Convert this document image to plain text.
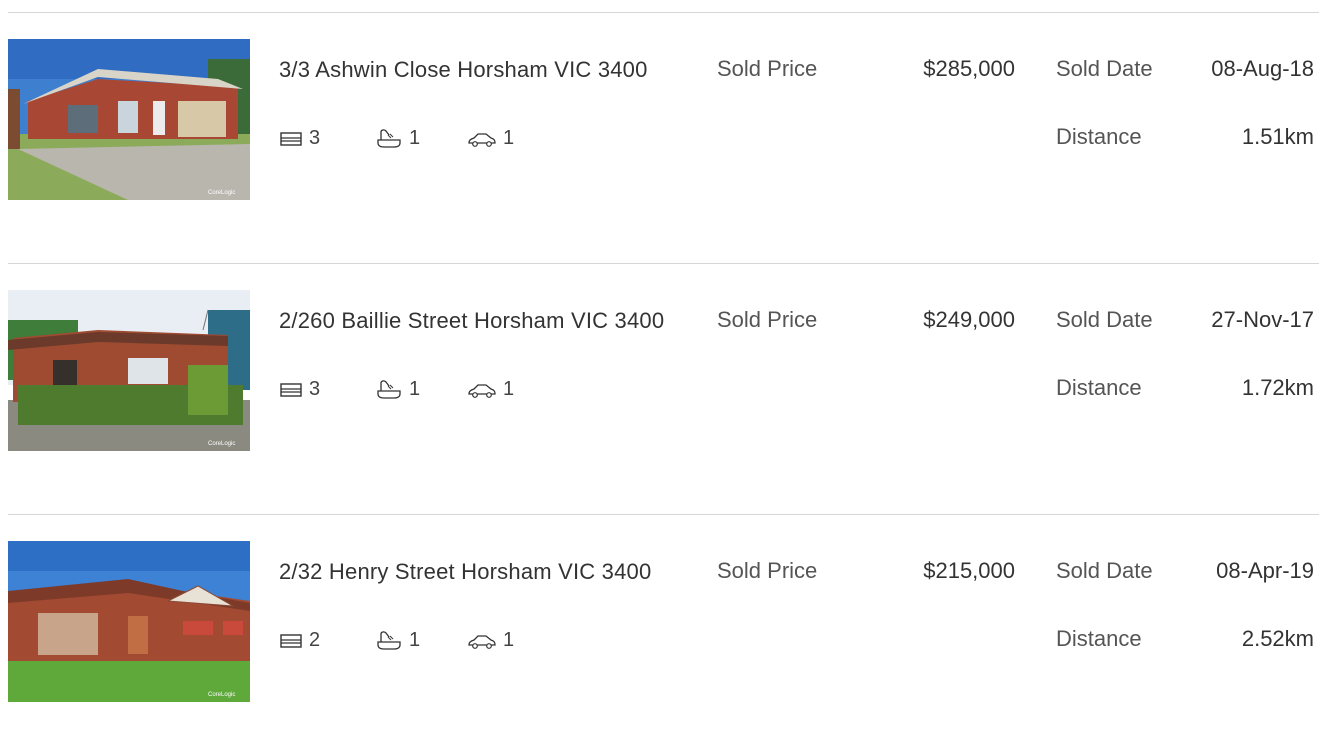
CoreLogic
3/3 Ashwin Close Horsham VIC 3400
3	1	1
Sold Price	$285,000 Sold Date	08-Aug-18
Distance	1.51km
CoreLogic
2/260 Baillie Street Horsham VIC 3400
3	1	1
Sold Price	$249,000 Sold Date	27-Nov-17
Distance	1.72km
CoreLogic
2/32 Henry Street Horsham VIC 3400
2	1	1
Sold Price	$215,000 Sold Date	08-Apr-19
Distance	2.52km
